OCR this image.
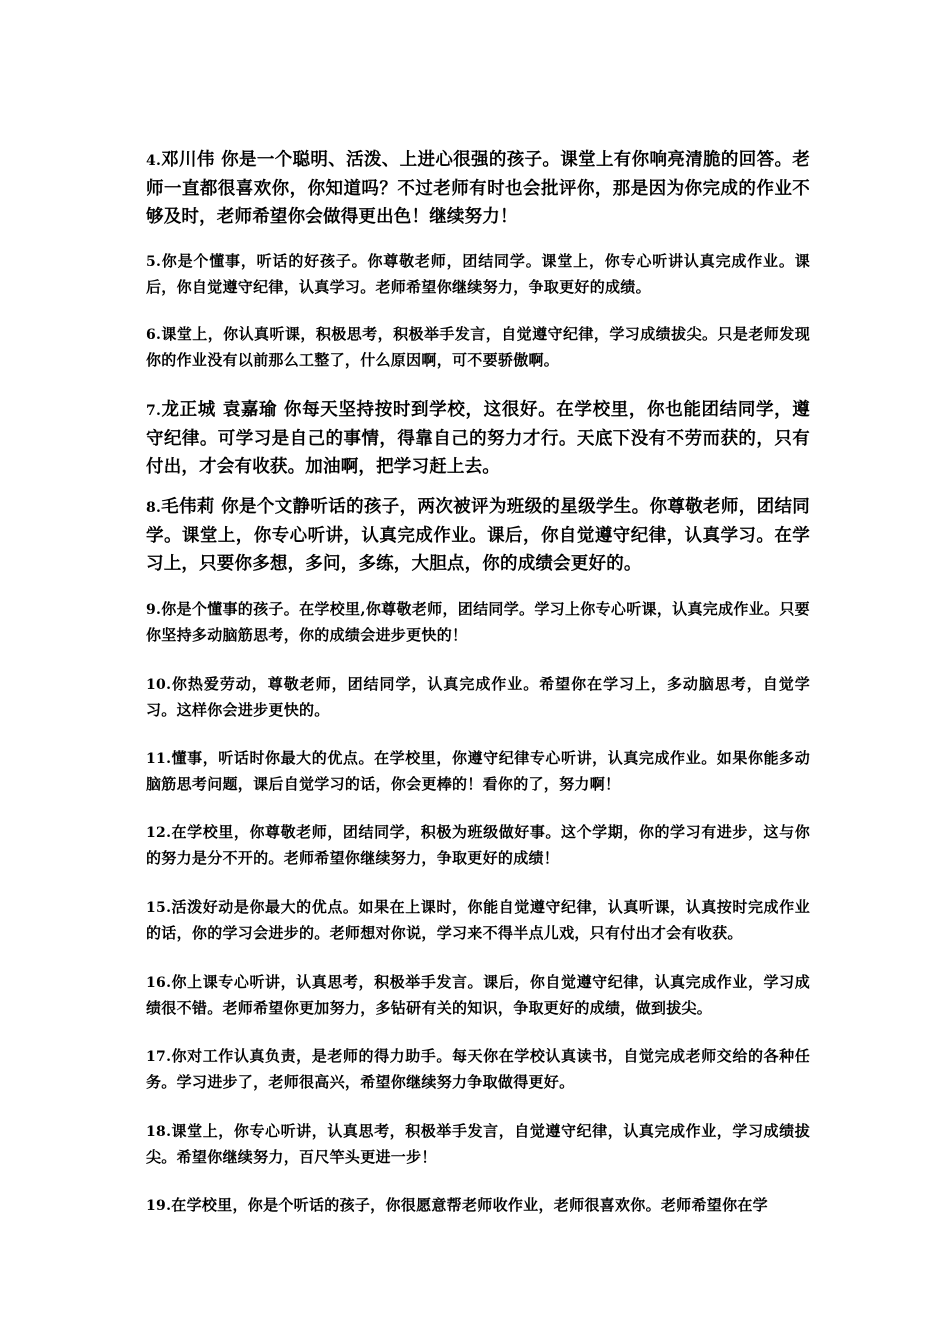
4.邓川伟 你是一个聪明、活泼、上进心很强的孩子。课堂上有你响亮清脆的回答。老师一直都很喜欢你，你知道吗？不过老师有时也会批评你，那是因为你完成的作业不够及时，老师希望你会做得更出色！继续努力！

5.你是个懂事，听话的好孩子。你尊敬老师，团结同学。课堂上，你专心听讲认真完成作业。课后，你自觉遵守纪律，认真学习。老师希望你继续努力，争取更好的成绩。

6.课堂上，你认真听课，积极思考，积极举手发言，自觉遵守纪律，学习成绩拔尖。只是老师发现你的作业没有以前那么工整了，什么原因啊，可不要骄傲啊。

7.龙正城 袁嘉瑜 你每天坚持按时到学校，这很好。在学校里，你也能团结同学，遵守纪律。可学习是自己的事情，得靠自己的努力才行。天底下没有不劳而获的，只有付出，才会有收获。加油啊，把学习赶上去。

8.毛伟莉 你是个文静听话的孩子，两次被评为班级的星级学生。你尊敬老师，团结同学。课堂上，你专心听讲，认真完成作业。课后，你自觉遵守纪律，认真学习。在学习上，只要你多想，多问，多练，大胆点，你的成绩会更好的。

9.你是个懂事的孩子。在学校里,你尊敬老师，团结同学。学习上你专心听课，认真完成作业。只要你坚持多动脑筋思考，你的成绩会进步更快的！

10.你热爱劳动，尊敬老师，团结同学，认真完成作业。希望你在学习上，多动脑思考，自觉学习。这样你会进步更快的。

11.懂事，听话时你最大的优点。在学校里，你遵守纪律专心听讲，认真完成作业。如果你能多动脑筋思考问题，课后自觉学习的话，你会更棒的！看你的了，努力啊！

12.在学校里，你尊敬老师，团结同学，积极为班级做好事。这个学期，你的学习有进步，这与你的努力是分不开的。老师希望你继续努力，争取更好的成绩！

15.活泼好动是你最大的优点。如果在上课时，你能自觉遵守纪律，认真听课，认真按时完成作业的话，你的学习会进步的。老师想对你说，学习来不得半点儿戏，只有付出才会有收获。

16.你上课专心听讲，认真思考，积极举手发言。课后，你自觉遵守纪律，认真完成作业，学习成绩很不错。老师希望你更加努力，多钻研有关的知识，争取更好的成绩，做到拔尖。

17.你对工作认真负责，是老师的得力助手。每天你在学校认真读书，自觉完成老师交给的各种任务。学习进步了，老师很高兴，希望你继续努力争取做得更好。

18.课堂上，你专心听讲，认真思考，积极举手发言，自觉遵守纪律，认真完成作业，学习成绩拔尖。希望你继续努力，百尺竿头更进一步！

19.在学校里，你是个听话的孩子，你很愿意帮老师收作业，老师很喜欢你。老师希望你在学
